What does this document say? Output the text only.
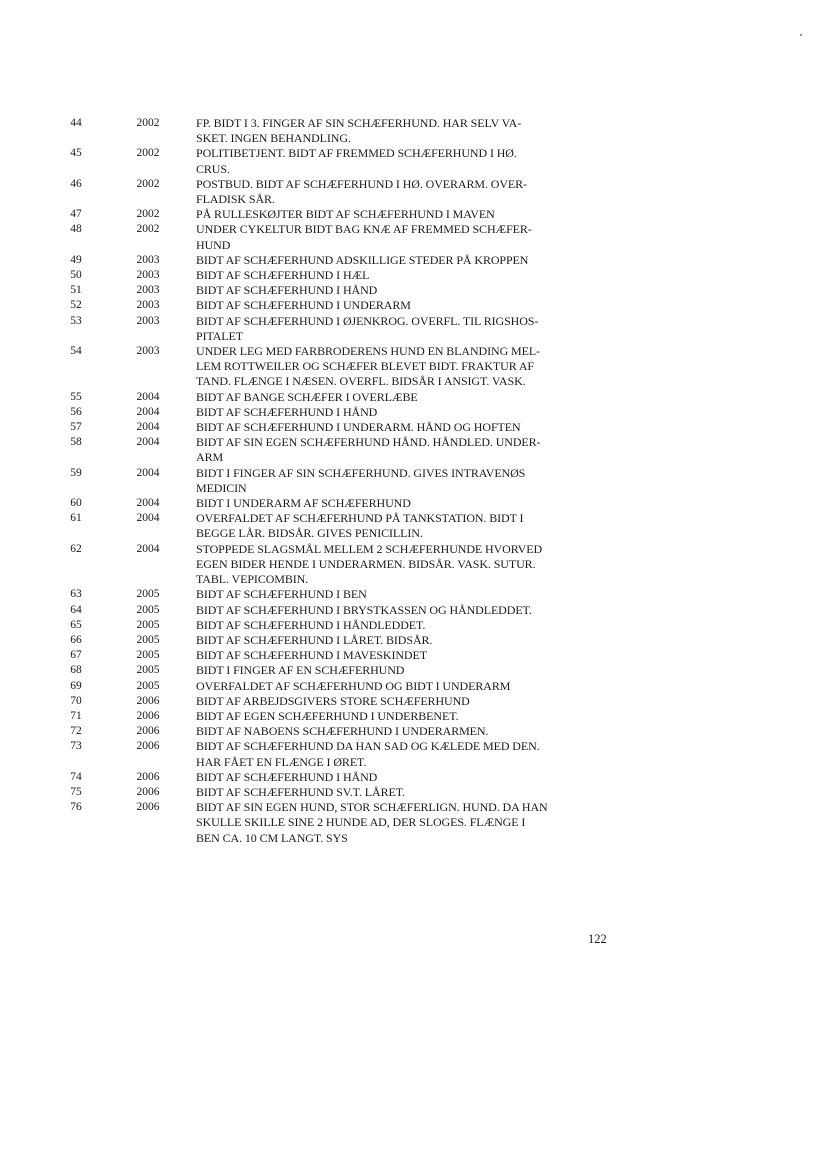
44	2002	FP. BIDT I 3. FINGER AF SIN SCHÆFERHUND. HAR SELV VA-
SKET. INGEN BEHANDLING.
45	2002	POLITIBETJENT. BIDT AF FREMMED SCHÆFERHUND I HØ.
CRUS.
46	2002	POSTBUD. BIDT AF SCHÆFERHUND I HØ. OVERARM. OVER-
FLADISK SÅR.
47	2002	PÅ RULLESKØJTER BIDT AF SCHÆFERHUND I MAVEN
48	2002	UNDER CYKELTUR BIDT BAG KNÆ AF FREMMED SCHÆFER-
HUND
49	2003	BIDT AF SCHÆFERHUND ADSKILLIGE STEDER PÅ KROPPEN
50	2003	BIDT AF SCHÆFERHUND I HÆL
51	2003	BIDT AF SCHÆFERHUND I HÅND
52	2003	BIDT AF SCHÆFERHUND I UNDERARM
53	2003	BIDT AF SCHÆFERHUND I ØJENKROG. OVERFL. TIL RIGSHOS-
PITALET
54	2003	UNDER LEG MED FARBRODERENS HUND EN BLANDING MEL-
LEM ROTTWEILER OG SCHÆFER BLEVET BIDT. FRAKTUR AF
TAND. FLÆNGE I NÆSEN. OVERFL. BIDSÅR I ANSIGT. VASK.
55	2004	BIDT AF BANGE SCHÆFER I OVERLÆBE
56	2004	BIDT AF SCHÆFERHUND I HÅND
57	2004	BIDT AF SCHÆFERHUND I UNDERARM. HÅND OG HOFTEN
58	2004	BIDT AF SIN EGEN SCHÆFERHUND HÅND. HÅNDLED. UNDER-
ARM
59	2004	BIDT I FINGER AF SIN SCHÆFERHUND. GIVES INTRAVENØS
MEDICIN
60	2004	BIDT I UNDERARM AF SCHÆFERHUND
61	2004	OVERFALDET AF SCHÆFERHUND PÅ TANKSTATION. BIDT I
BEGGE LÅR. BIDSÅR. GIVES PENICILLIN.
62	2004	STOPPEDE SLAGSMÅL MELLEM 2 SCHÆFERHUNDE HVORVED
EGEN BIDER HENDE I UNDERARMEN. BIDSÅR. VASK. SUTUR.
TABL. VEPICOMBIN.
63	2005	BIDT AF SCHÆFERHUND I BEN
64	2005	BIDT AF SCHÆFERHUND I BRYSTKASSEN OG HÅNDLEDDET.
65	2005	BIDT AF SCHÆFERHUND I HÅNDLEDDET.
66	2005	BIDT AF SCHÆFERHUND I LÅRET. BIDSÅR.
67	2005	BIDT AF SCHÆFERHUND I MAVESKINDET
68	2005	BIDT I FINGER AF EN SCHÆFERHUND
69	2005	OVERFALDET AF SCHÆFERHUND OG BIDT I UNDERARM
70	2006	BIDT AF ARBEJDSGIVERS STORE SCHÆFERHUND
71	2006	BIDT AF EGEN SCHÆFERHUND I UNDERBENET.
72	2006	BIDT AF NABOENS SCHÆFERHUND I UNDERARMEN.
73	2006	BIDT AF SCHÆFERHUND DA HAN SAD OG KÆLEDE MED DEN.
HAR FÅET EN FLÆNGE I ØRET.
74	2006	BIDT AF SCHÆFERHUND I HÅND
75	2006	BIDT AF SCHÆFERHUND SV.T. LÅRET.
76	2006	BIDT AF SIN EGEN HUND, STOR SCHÆFERLIGN. HUND. DA HAN
SKULLE SKILLE SINE 2 HUNDE AD, DER SLOGES. FLÆNGE I
BEN CA. 10 CM LANGT. SYS
122
